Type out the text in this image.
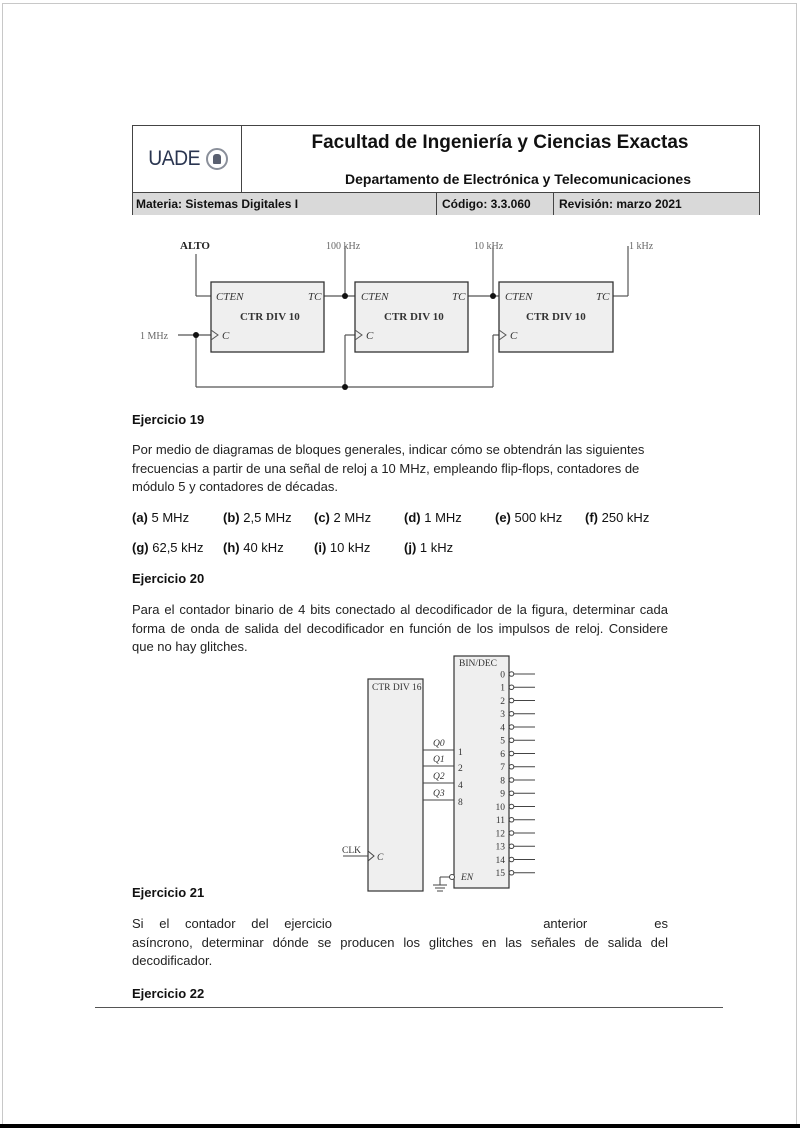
UADE
Facultad de Ingeniería y Ciencias Exactas
Departamento de Electrónica y Telecomunicaciones
Materia: Sistemas Digitales I	Código: 3.3.060	Revisión: marzo 2021
ALTO
1 MHz
100 kHz	10 kHz	1 kHz
CTEN	TC
CTR DIV 10
C
CTEN	TC
CTR DIV 10
C
CTEN	TC
CTR DIV 10
C
Ejercicio 19
Por medio de diagramas de bloques generales, indicar cómo se obtendrán las siguientes frecuencias a partir de una señal de reloj a 10 MHz, empleando flip-flops, contadores de módulo 5 y contadores de décadas.
(a) 5 MHz	(b) 2,5 MHz (c) 2 MHz	(d) 1 MHz	(e) 500 kHz (f) 250 kHz
(g) 62,5 kHz (h) 40 kHz (i) 10 kHz	(j) 1 kHz
Ejercicio 20
Para el contador binario de 4 bits conectado al decodificador de la figura, determinar cada forma de onda de salida del decodificador en función de los impulsos de reloj. Considere que no hay glitches.
CTR DIV 16
BIN/DEC
CLK
C
EN
Q0
Q1
Q2
Q3
1
2
4
8
0
1
2
3
4
5
6
7
8
9
10
11
12
13
14
15
Ejercicio 21
Si el contador del ejercicio	anterior	es
asíncrono, determinar dónde se producen los glitches en las señales de salida del
decodificador.
Ejercicio 22
